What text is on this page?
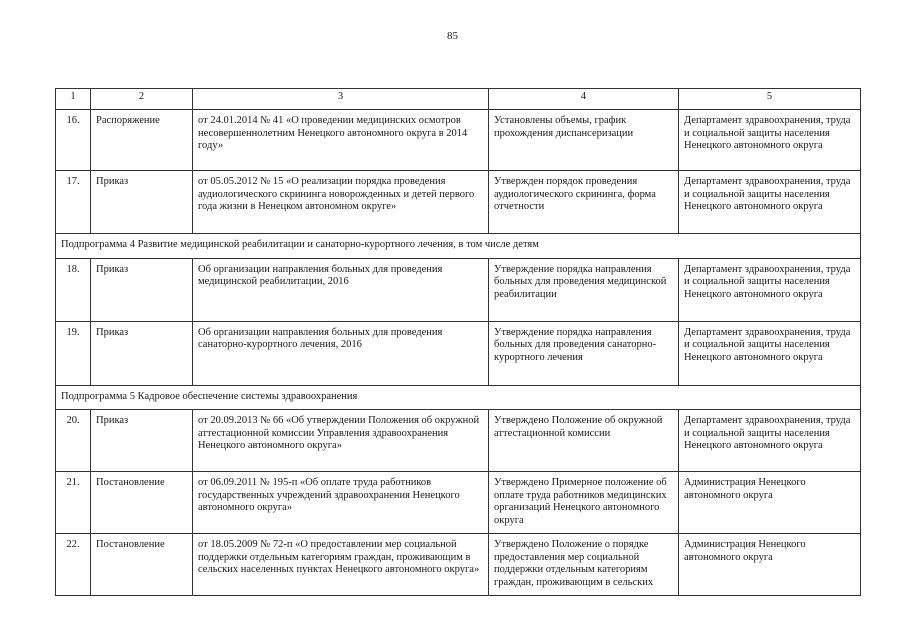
85
1	2	3	4	5
16.	Распоряжение	от 24.01.2014 № 41 «О проведении медицинских осмотров несовершеннолетним Ненецкого автономного округа в 2014 году»	Установлены объемы, график прохождения диспансеризации	Департамент здравоохранения, труда и социальной защиты населения Ненецкого автономного округа
17.	Приказ	от 05.05.2012 № 15 «О реализации порядка проведения аудиологического скрининга новорожденных и детей первого года жизни в Ненецком автономном округе»	Утвержден порядок проведения аудиологического скрининга, форма отчетности	Департамент здравоохранения, труда и социальной защиты населения Ненецкого автономного округа
Подпрограмма 4 Развитие медицинской реабилитации и санаторно-курортного лечения, в том числе детям				
18.	Приказ	Об организации направления больных для проведения медицинской реабилитации, 2016	Утверждение порядка направления больных для проведения медицинской реабилитации	Департамент здравоохранения, труда и социальной защиты населения Ненецкого автономного округа
19.	Приказ	Об организации направления больных для проведения санаторно-курортного лечения, 2016	Утверждение порядка направления больных для проведения санаторно-курортного лечения	Департамент здравоохранения, труда и социальной защиты населения Ненецкого автономного округа
Подпрограмма 5 Кадровое обеспечение системы здравоохранения				
20.	Приказ	от 20.09.2013 № 66 «Об утверждении Положения об окружной аттестационной комиссии Управления здравоохранения Ненецкого автономного округа»	Утверждено Положение об окружной аттестационной комиссии	Департамент здравоохранения, труда и социальной защиты населения Ненецкого автономного округа
21.	Постановление	от 06.09.2011 № 195-п «Об оплате труда работников государственных учреждений здравоохранения Ненецкого автономного округа»	Утверждено Примерное положение об оплате труда работников медицинских организаций Ненецкого автономного округа	Администрация Ненецкого автономного округа
22.	Постановление	от 18.05.2009 № 72-п «О предоставлении мер социальной поддержки отдельным категориям граждан, проживающим в сельских населенных пунктах Ненецкого автономного округа»	Утверждено Положение о порядке предоставления мер социальной поддержки отдельным категориям граждан, проживающим в сельских	Администрация Ненецкого автономного округа
